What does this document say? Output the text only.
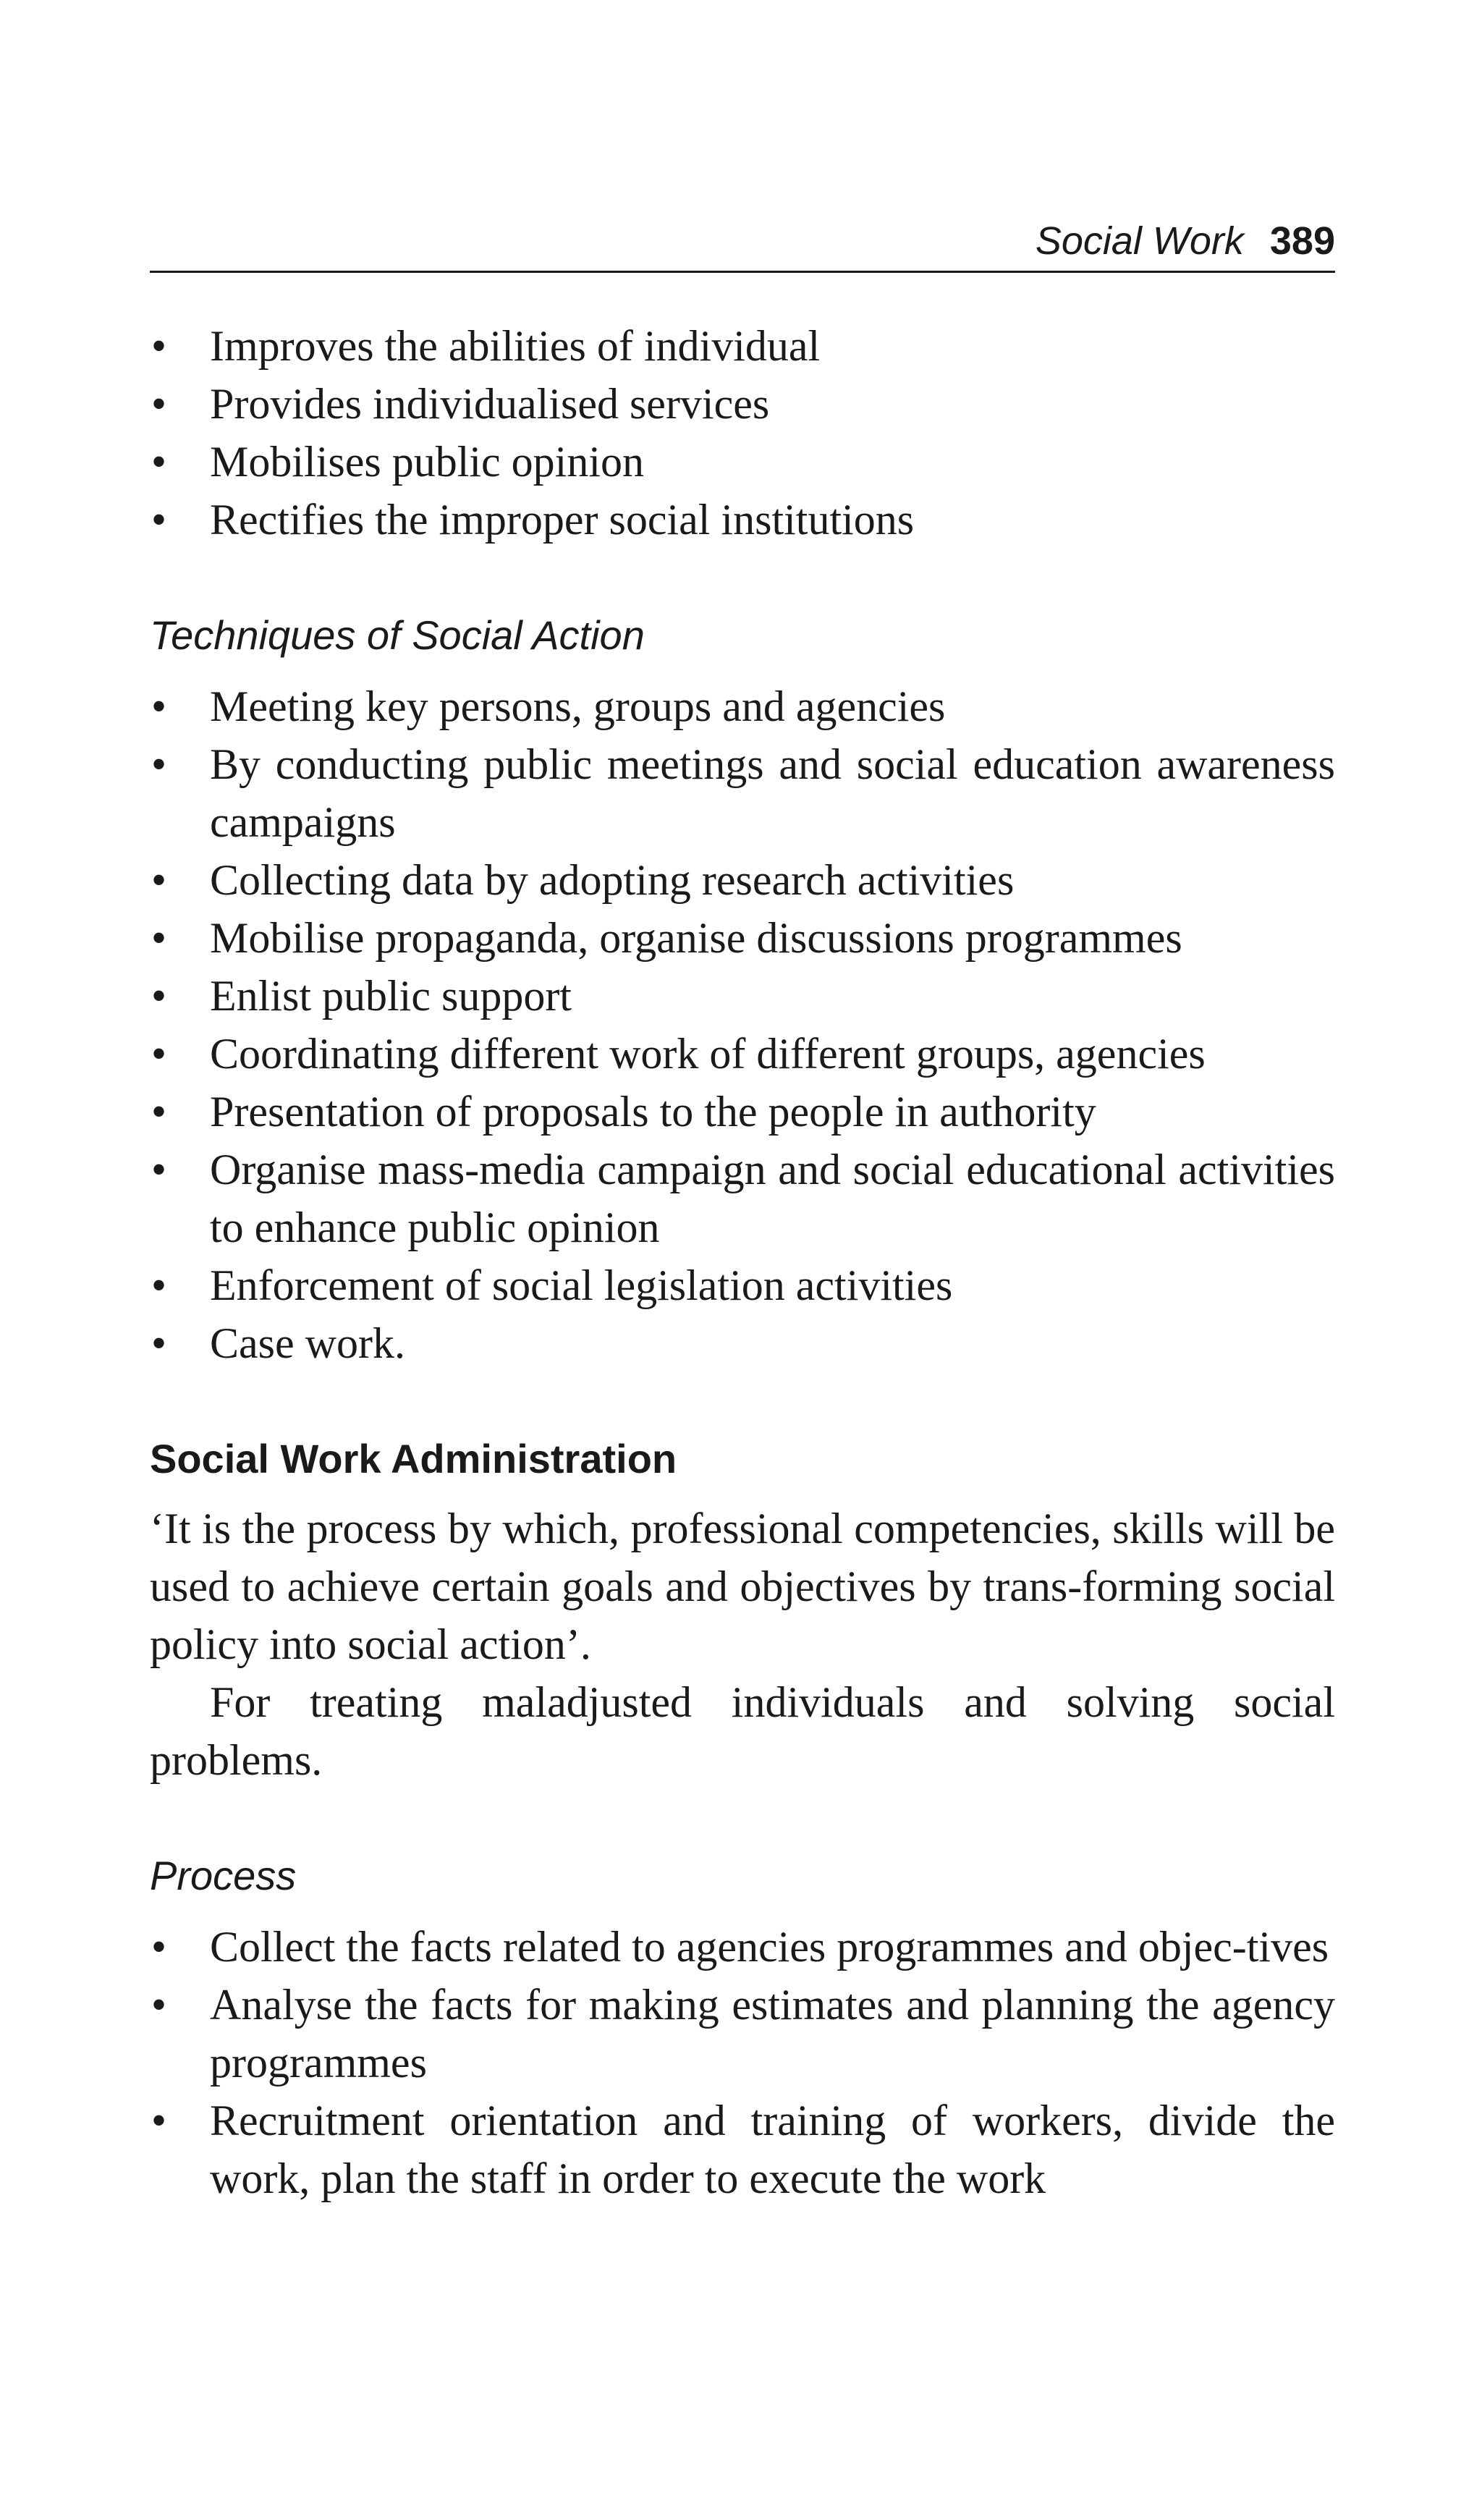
Social Work 389
• Improves the abilities of individual
• Provides individualised services
• Mobilises public opinion
• Rectifies the improper social institutions
Techniques of Social Action
• Meeting key persons, groups and agencies
• By conducting public meetings and social education awareness campaigns
• Collecting data by adopting research activities
• Mobilise propaganda, organise discussions programmes
• Enlist public support
• Coordinating different work of different groups, agencies
• Presentation of proposals to the people in authority
• Organise mass-media campaign and social educational activities to enhance public opinion
• Enforcement of social legislation activities
• Case work.
Social Work Administration

‘It is the process by which, professional competencies, skills will be used to achieve certain goals and objectives by trans-forming social policy into social action’.

For treating maladjusted individuals and solving social problems.

Process
• Collect the facts related to agencies programmes and objec-tives
• Analyse the facts for making estimates and planning the agency programmes
• Recruitment orientation and training of workers, divide the work, plan the staff in order to execute the work
